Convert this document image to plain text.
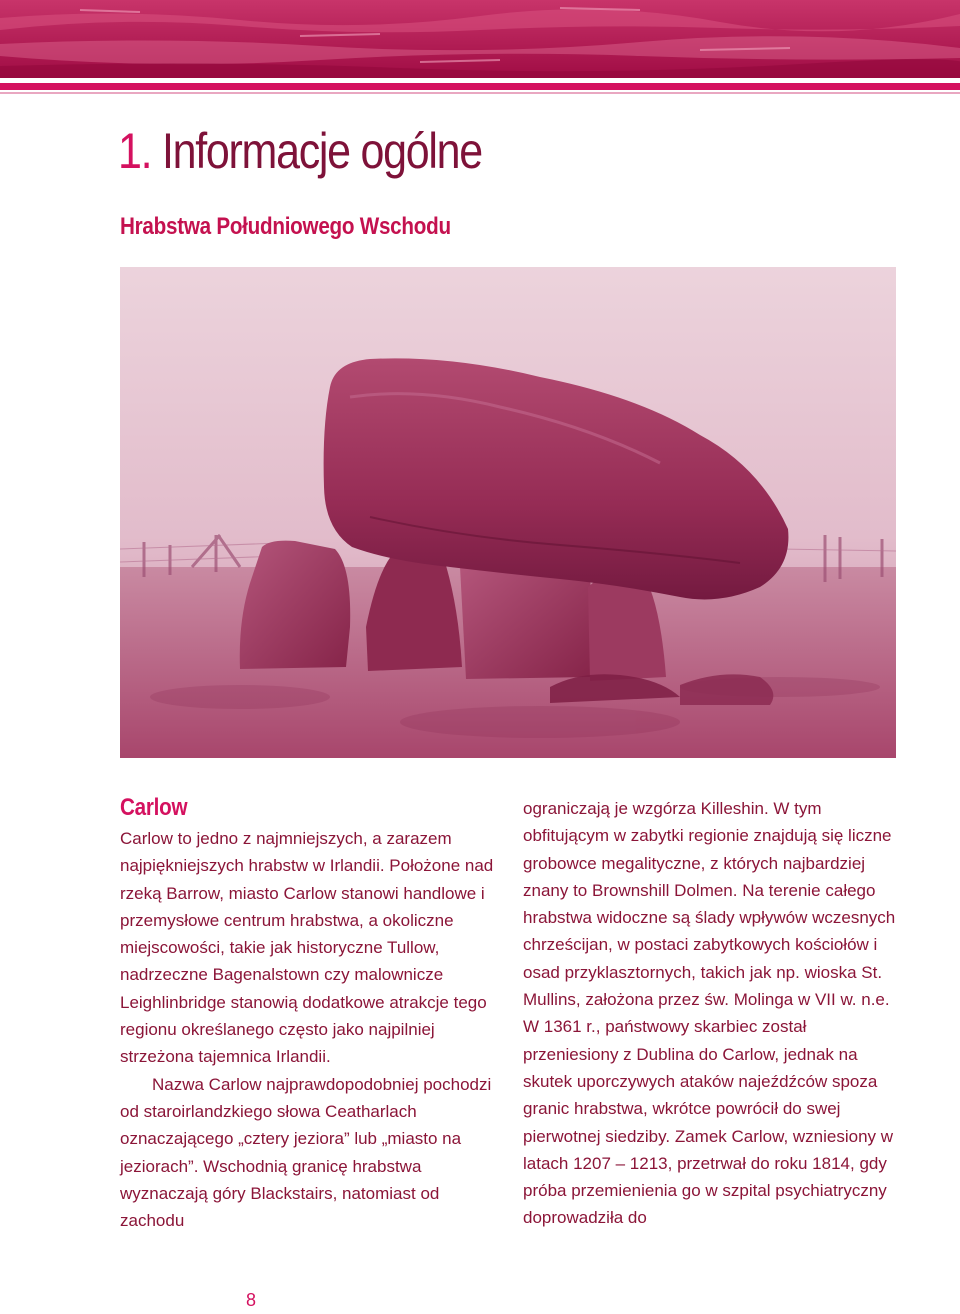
1. Informacje ogólne
Hrabstwa Południowego Wschodu
Carlow

Carlow to jedno z najmniejszych, a zarazem najpiękniejszych hrabstw w Irlandii. Położone nad rzeką Barrow, miasto Carlow stanowi handlowe i przemysłowe centrum hrabstwa, a okoliczne miejscowości, takie jak historyczne Tullow, nadrzeczne Bagenalstown czy malownicze Leighlinbridge stanowią dodatkowe atrakcje tego regionu określanego często jako najpilniej strzeżona tajemnica Irlandii.

Nazwa Carlow najprawdopodobniej pochodzi od staroirlandzkiego słowa Ceatharlach oznaczającego „cztery jeziora” lub „miasto na jeziorach”. Wschodnią granicę hrabstwa wyznaczają góry Blackstairs, natomiast od zachodu

ograniczają je wzgórza Killeshin. W tym obfitującym w zabytki regionie znajdują się liczne grobowce megalityczne, z których najbardziej znany to Brownshill Dolmen. Na terenie całego hrabstwa widoczne są ślady wpływów wczesnych chrześcijan, w postaci zabytkowych kościołów i osad przyklasztornych, takich jak np. wioska St. Mullins, założona przez św. Molinga w VII w. n.e. W 1361 r., państwowy skarbiec został przeniesiony z Dublina do Carlow, jednak na skutek uporczywych ataków najeźdźców spoza granic hrabstwa, wkrótce powrócił do swej pierwotnej siedziby. Zamek Carlow, wzniesiony w latach 1207 – 1213, przetrwał do roku 1814, gdy próba przemienienia go w szpital psychiatryczny doprowadziła do

8
